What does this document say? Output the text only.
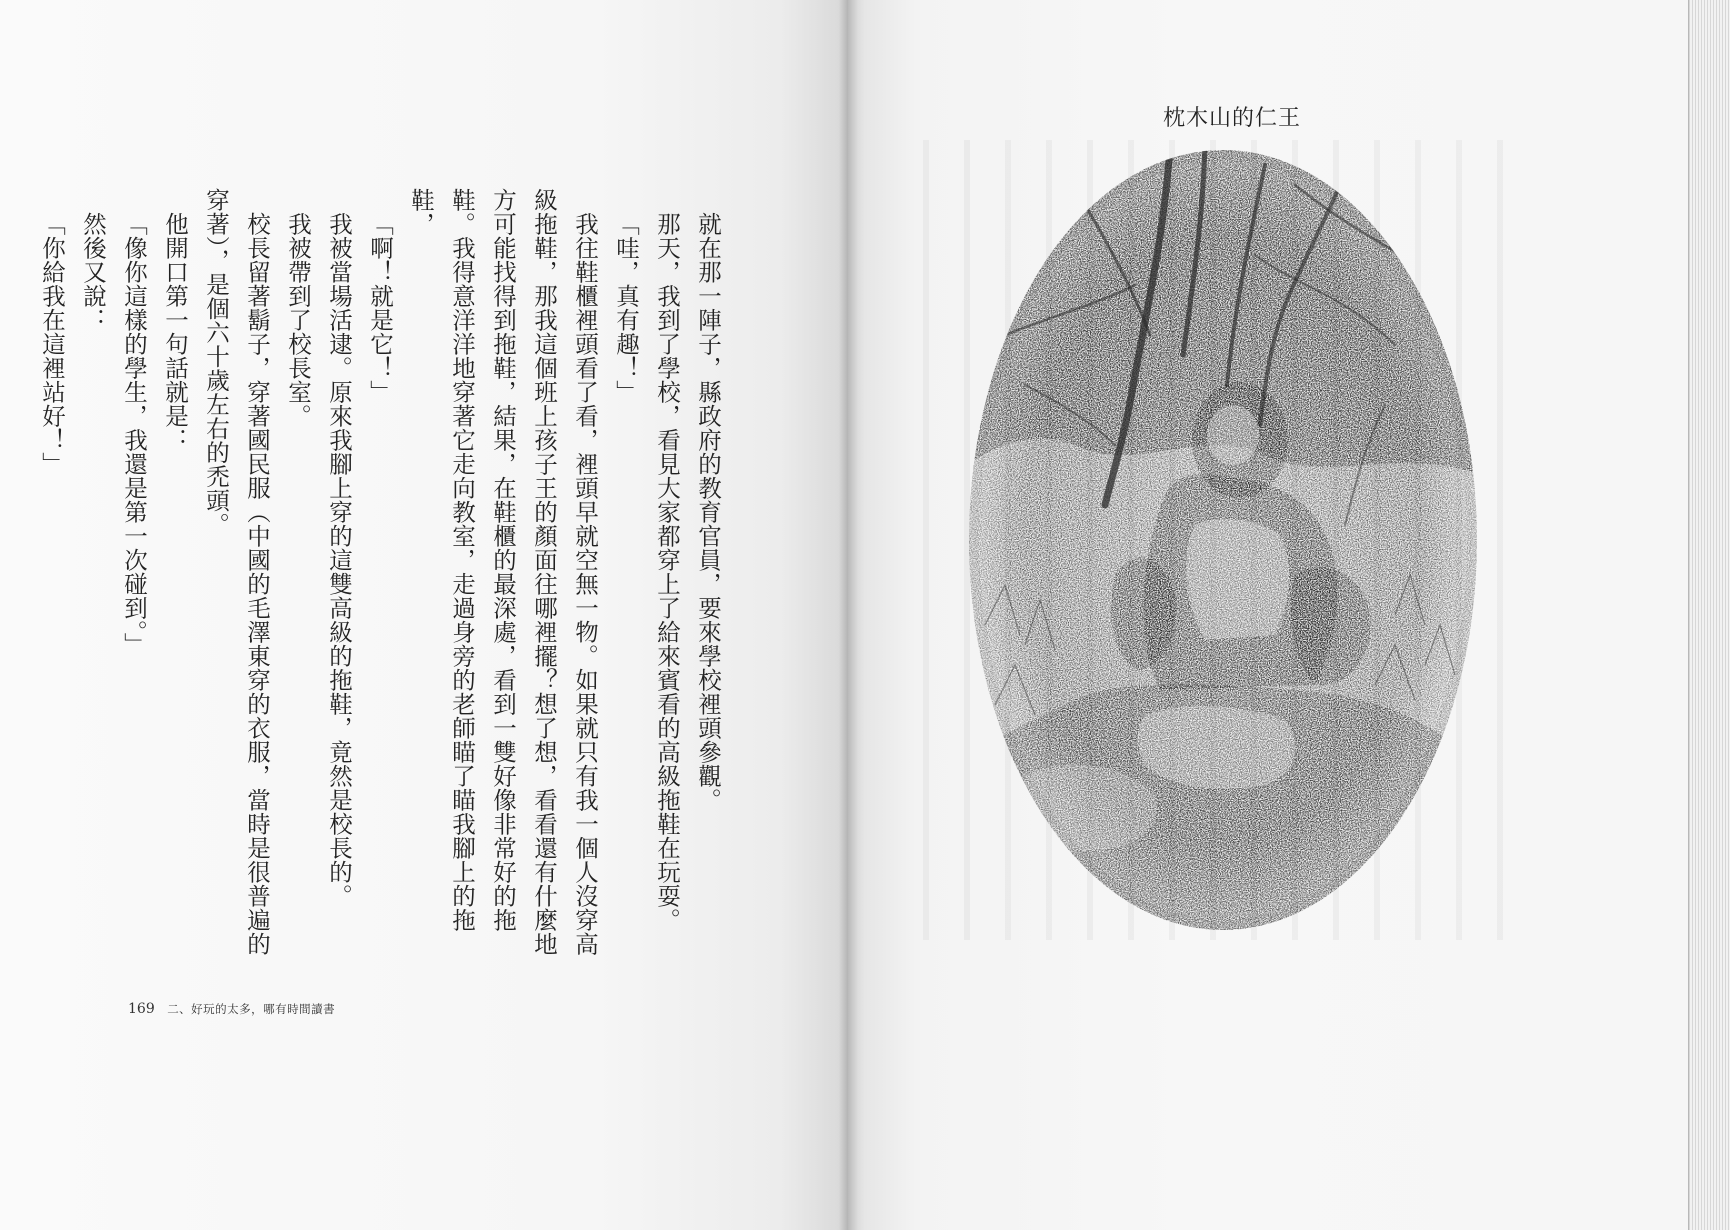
就在那一陣子，縣政府的教育官員，要來學校裡頭參觀。

那天，我到了學校，看見大家都穿上了給來賓看的高級拖鞋在玩耍。

「哇，真有趣！」

我往鞋櫃裡頭看了看，裡頭早就空無一物。如果就只有我一個人沒穿高級拖鞋，那我這個班上孩子王的顏面往哪裡擺？想了想，看看還有什麼地方可能找得到拖鞋，結果，在鞋櫃的最深處，看到一雙好像非常好的拖鞋。我得意洋洋地穿著它走向教室，走過身旁的老師瞄了瞄我腳上的拖鞋，

「啊！就是它！」

我被當場活逮。原來我腳上穿的這雙高級的拖鞋，竟然是校長的。

我被帶到了校長室。

校長留著鬍子，穿著國民服（中國的毛澤東穿的衣服，當時是很普遍的穿著），是個六十歲左右的禿頭。

他開口第一句話就是：

「像你這樣的學生，我還是第一次碰到。」

然後又說：

「你給我在這裡站好！」

169 二、好玩的太多，哪有時間讀書
枕木山的仁王
